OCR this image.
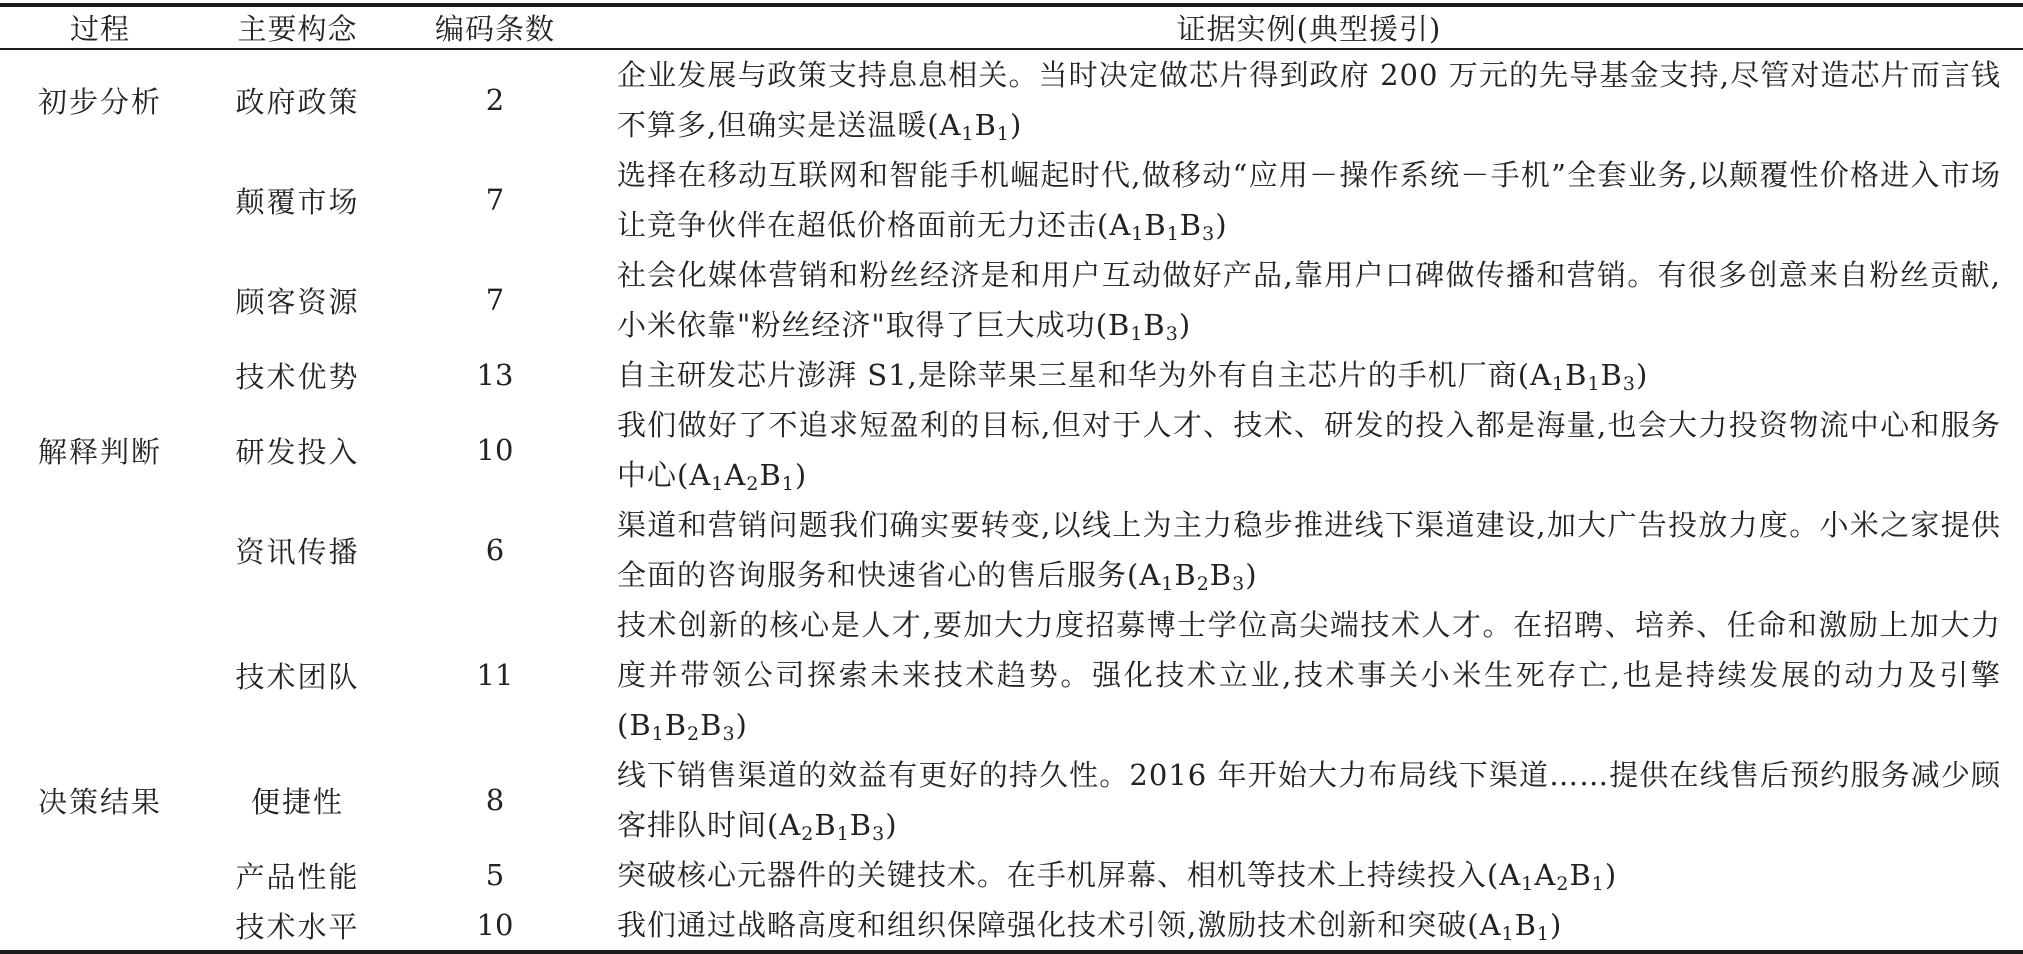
过程	主要构念	编码条数	证据实例(典型援引)
初步分析	政府政策	2	企业发展与政策支持息息相关。当时决定做芯片得到政府 200 万元的先导基金支持,尽管对造芯片而言钱不算多,但确实是送温暖$(A_1B_1)$
	颠覆市场	7	选择在移动互联网和智能手机崛起时代,做移动“应用－操作系统－手机”全套业务,以颠覆性价格进入市场让竞争伙伴在超低价格面前无力还击$(A_1B_1B_3)$
	顾客资源	7	社会化媒体营销和粉丝经济是和用户互动做好产品,靠用户口碑做传播和营销。有很多创意来自粉丝贡献,小米依靠"粉丝经济"取得了巨大成功$(B_1B_3)$
	技术优势	13	自主研发芯片澎湃 S1,是除苹果三星和华为外有自主芯片的手机厂商$(A_1B_1B_3)$
解释判断	研发投入	10	我们做好了不追求短盈利的目标,但对于人才、技术、研发的投入都是海量,也会大力投资物流中心和服务中心$(A_1A_2B_1)$
	资讯传播	6	渠道和营销问题我们确实要转变,以线上为主力稳步推进线下渠道建设,加大广告投放力度。小米之家提供全面的咨询服务和快速省心的售后服务$(A_1B_2B_3)$
	技术团队	11	技术创新的核心是人才,要加大力度招募博士学位高尖端技术人才。在招聘、培养、任命和激励上加大力度并带领公司探索未来技术趋势。强化技术立业,技术事关小米生死存亡,也是持续发展的动力及引擎$(B_1B_2B_3)$
决策结果	便捷性	8	线下销售渠道的效益有更好的持久性。2016 年开始大力布局线下渠道……提供在线售后预约服务减少顾客排队时间$(A_2B_1B_3)$
	产品性能	5	突破核心元器件的关键技术。在手机屏幕、相机等技术上持续投入$(A_1A_2B_1)$
	技术水平	10	我们通过战略高度和组织保障强化技术引领,激励技术创新和突破$(A_1B_1)$
